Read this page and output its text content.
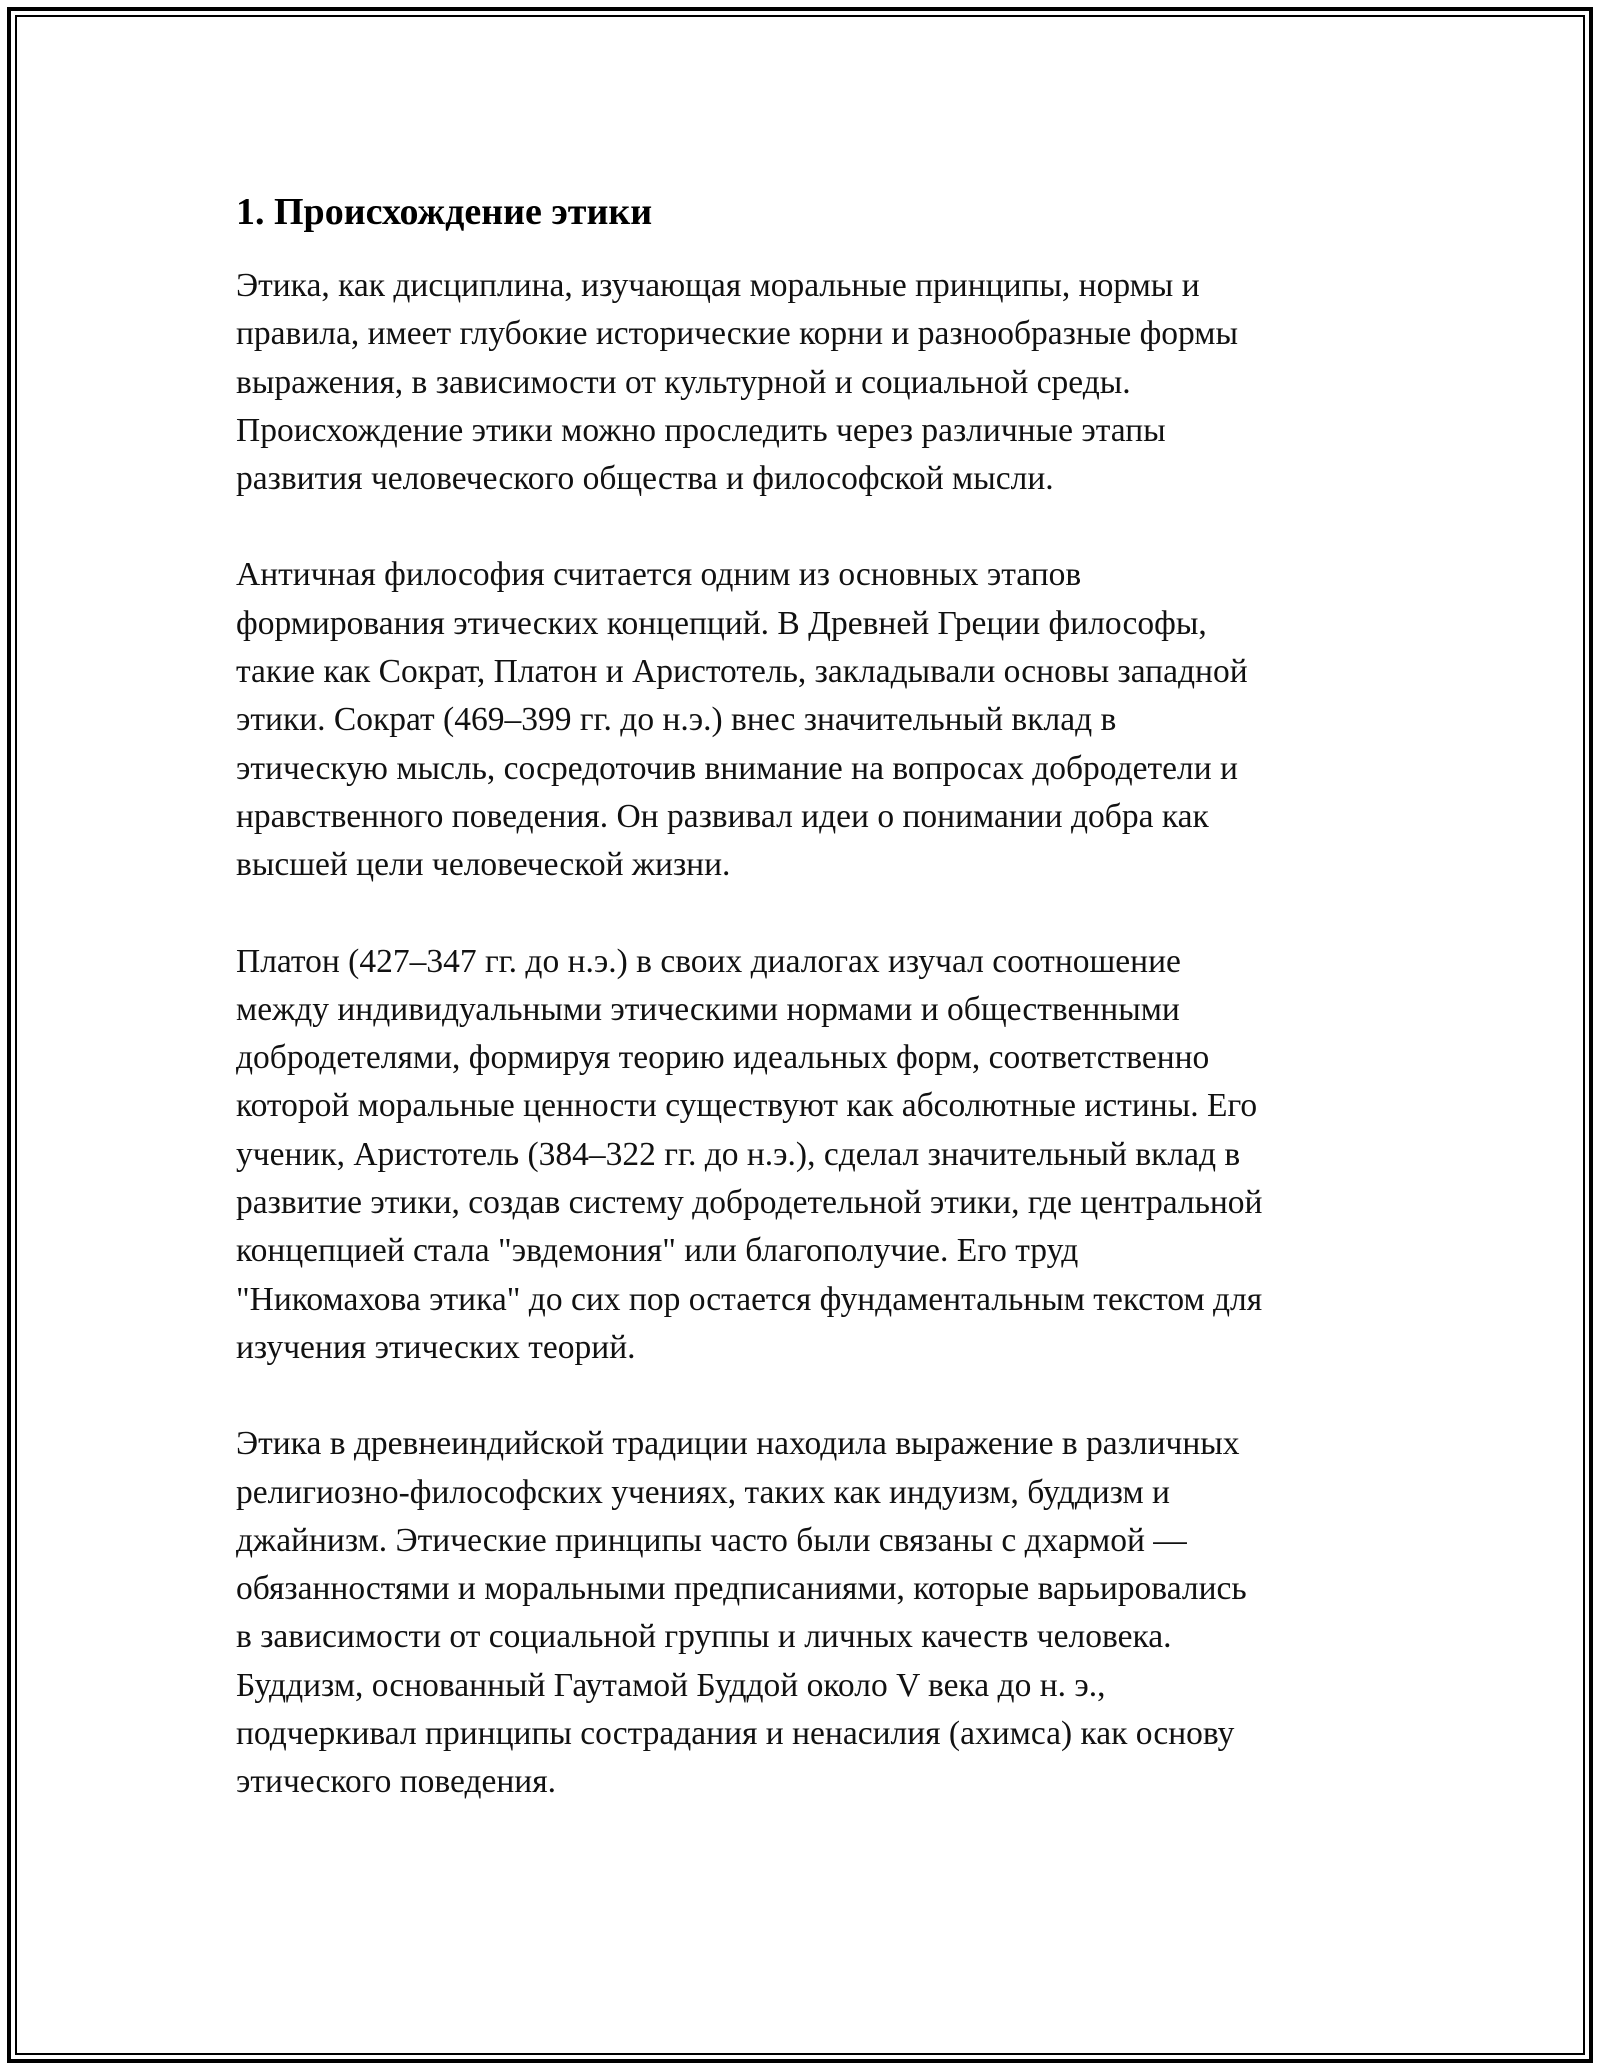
1. Происхождение этики

Этика, как дисциплина, изучающая моральные принципы, нормы и
правила, имеет глубокие исторические корни и разнообразные формы
выражения, в зависимости от культурной и социальной среды.
Происхождение этики можно проследить через различные этапы
развития человеческого общества и философской мысли.

Античная философия считается одним из основных этапов
формирования этических концепций. В Древней Греции философы,
такие как Сократ, Платон и Аристотель, закладывали основы западной
этики. Сократ (469–399 гг. до н.э.) внес значительный вклад в
этическую мысль, сосредоточив внимание на вопросах добродетели и
нравственного поведения. Он развивал идеи о понимании добра как
высшей цели человеческой жизни.

Платон (427–347 гг. до н.э.) в своих диалогах изучал соотношение
между индивидуальными этическими нормами и общественными
добродетелями, формируя теорию идеальных форм, соответственно
которой моральные ценности существуют как абсолютные истины. Его
ученик, Аристотель (384–322 гг. до н.э.), сделал значительный вклад в
развитие этики, создав систему добродетельной этики, где центральной
концепцией стала "эвдемония" или благополучие. Его труд
"Никомахова этика" до сих пор остается фундаментальным текстом для
изучения этических теорий.

Этика в древнеиндийской традиции находила выражение в различных
религиозно-философских учениях, таких как индуизм, буддизм и
джайнизм. Этические принципы часто были связаны с дхармой —
обязанностями и моральными предписаниями, которые варьировались
в зависимости от социальной группы и личных качеств человека.
Буддизм, основанный Гаутамой Буддой около V века до н. э.,
подчеркивал принципы сострадания и ненасилия (ахимса) как основу
этического поведения.
